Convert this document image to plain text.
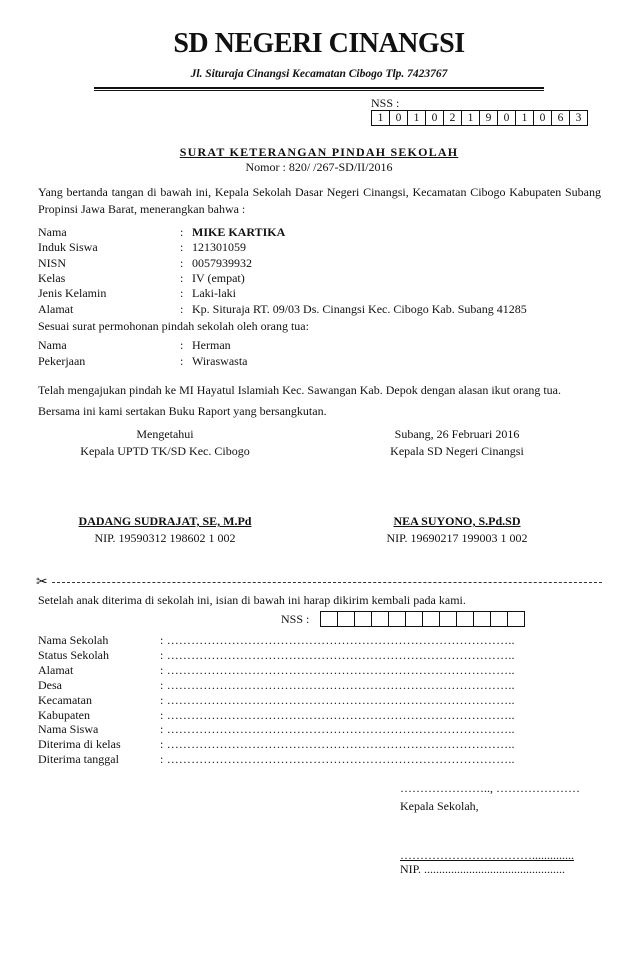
SD NEGERI CINANGSI
Jl. Situraja Cinangsi Kecamatan Cibogo Tlp. 7423767
NSS :
1	0	1	0	2	1	9	0	1	0	6	3
SURAT KETERANGAN PINDAH SEKOLAH
Nomor : 820/ /267-SD/II/2016
Yang bertanda tangan di bawah ini, Kepala Sekolah Dasar Negeri Cinangsi, Kecamatan Cibogo Kabupaten Subang Propinsi Jawa Barat, menerangkan bahwa :
Nama	: MIKE KARTIKA
Induk Siswa	: 121301059
NISN	: 0057939932
Kelas	: IV (empat)
Jenis Kelamin	: Laki-laki
Alamat	: Kp. Situraja RT. 09/03 Ds. Cinangsi Kec. Cibogo Kab. Subang 41285
Sesuai surat permohonan pindah sekolah oleh orang tua:
Nama	: Herman
Pekerjaan	: Wiraswasta
Telah mengajukan pindah ke MI Hayatul Islamiah Kec. Sawangan Kab. Depok dengan alasan ikut orang tua.
Bersama ini kami sertakan Buku Raport yang bersangkutan.
Mengetahui
Kepala UPTD TK/SD Kec. Cibogo
Subang, 26 Februari 2016
Kepala SD Negeri Cinangsi
DADANG SUDRAJAT, SE, M.Pd
NIP. 19590312 198602 1 002
NEA SUYONO, S.Pd.SD
NIP. 19690217 199003 1 002
✂
Setelah anak diterima di sekolah ini, isian di bawah ini harap dikirim kembali pada kami.
NSS :
Nama Sekolah	: …………………………………………………………………………..
Status Sekolah	: …………………………………………………………………………..
Alamat	: …………………………………………………………………………..
Desa	: …………………………………………………………………………..
Kecamatan	: …………………………………………………………………………..
Kabupaten	: …………………………………………………………………………..
Nama Siswa	: …………………………………………………………………………..
Diterima di kelas	: …………………………………………………………………………..
Diterima tanggal	: …………………………………………………………………………..
………………….., …………………
Kepala Sekolah,
……………………………..............
NIP. ...............................................
